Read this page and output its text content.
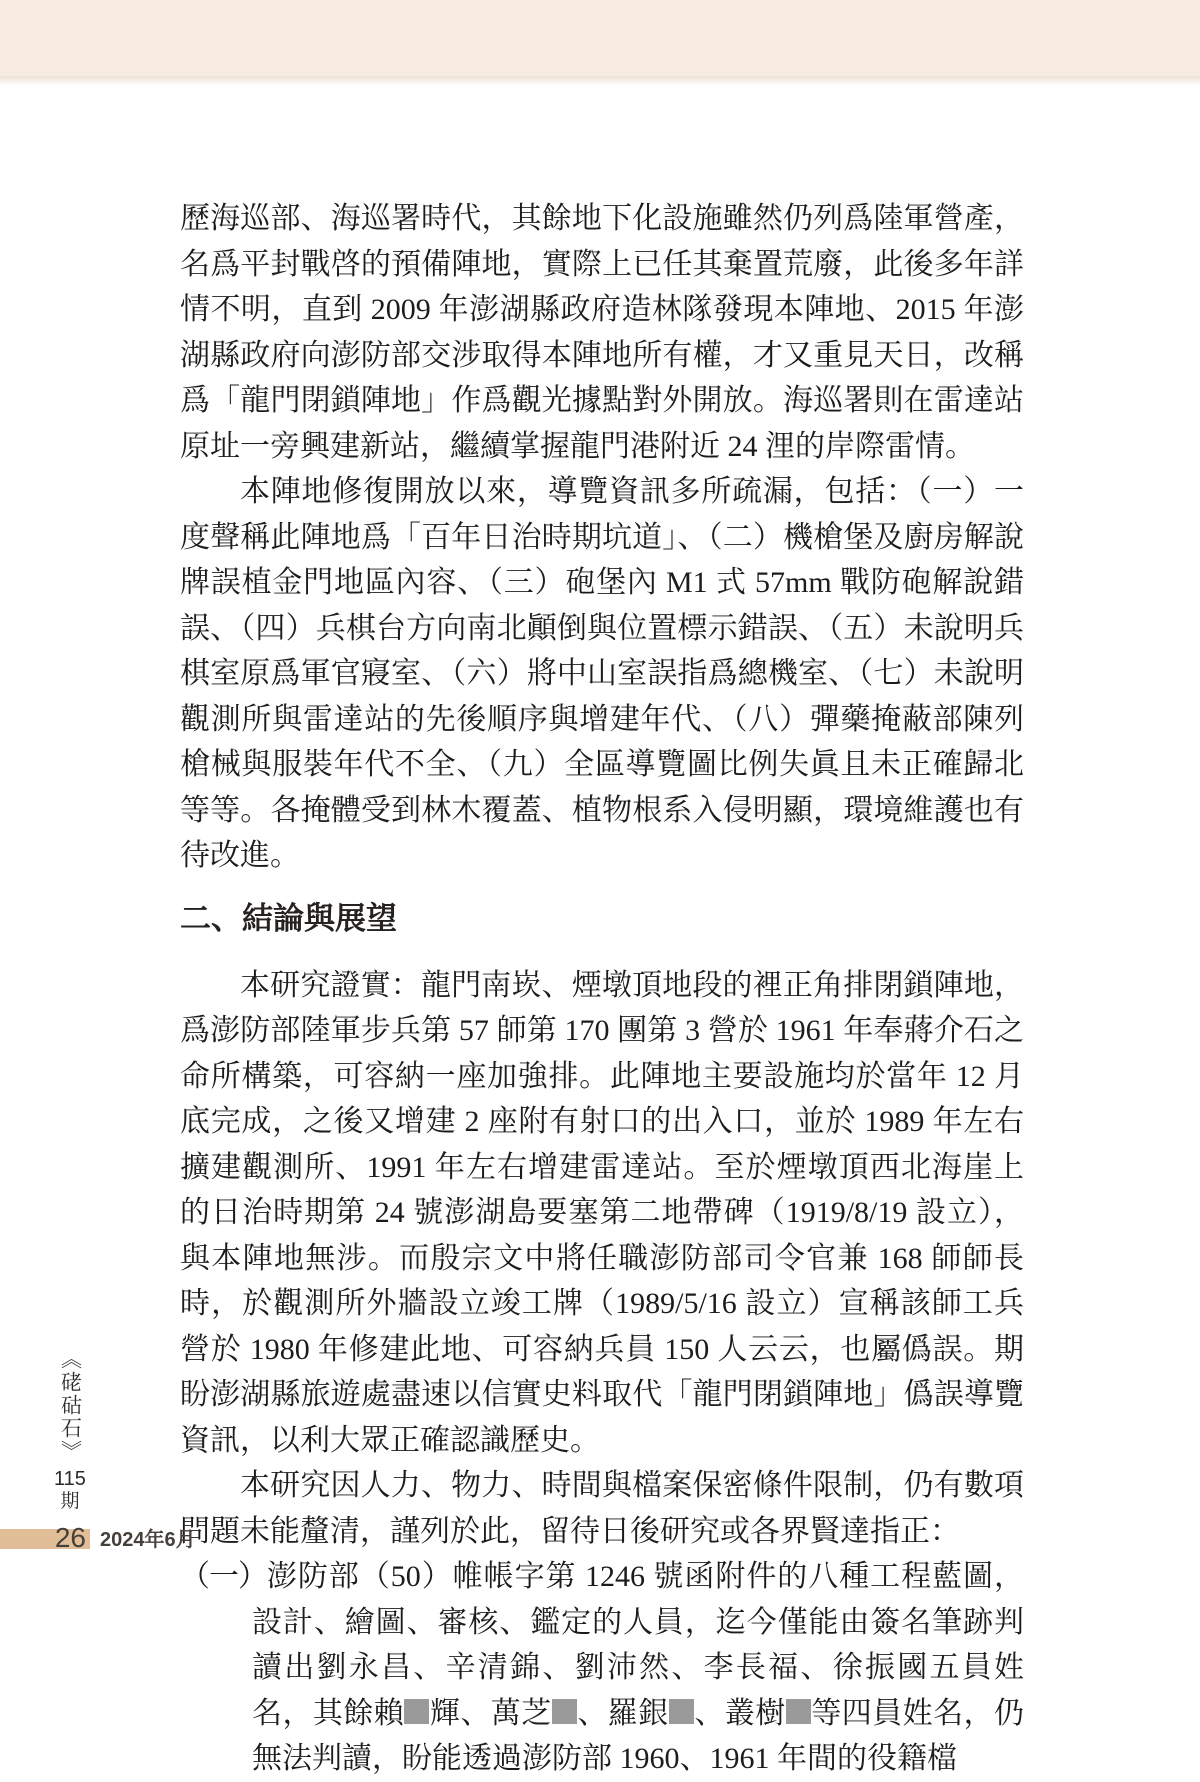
歷海巡部、海巡署時代，其餘地下化設施雖然仍列爲陸軍營產，名爲平封戰啓的預備陣地，實際上已任其棄置荒廢，此後多年詳情不明，直到 2009 年澎湖縣政府造林隊發現本陣地、2015 年澎湖縣政府向澎防部交涉取得本陣地所有權，才又重見天日，改稱爲「龍門閉鎖陣地」作爲觀光據點對外開放。海巡署則在雷達站原址一旁興建新站，繼續掌握龍門港附近 24 浬的岸際雷情。

本陣地修復開放以來，導覽資訊多所疏漏，包括：（一）一度聲稱此陣地爲「百年日治時期坑道」、（二）機槍堡及廚房解說牌誤植金門地區內容、（三）砲堡內 M1 式 57mm 戰防砲解說錯誤、（四）兵棋台方向南北顚倒與位置標示錯誤、（五）未說明兵棋室原爲軍官寢室、（六）將中山室誤指爲總機室、（七）未說明觀測所與雷達站的先後順序與增建年代、（八）彈藥掩蔽部陳列槍械與服裝年代不全、（九）全區導覽圖比例失眞且未正確歸北等等。各掩體受到林木覆蓋、植物根系入侵明顯，環境維護也有待改進。

二、結論與展望

本研究證實：龍門南崁、煙墩頂地段的裡正角排閉鎖陣地，爲澎防部陸軍步兵第 57 師第 170 團第 3 營於 1961 年奉蔣介石之命所構築，可容納一座加強排。此陣地主要設施均於當年 12 月底完成，之後又增建 2 座附有射口的出入口，並於 1989 年左右擴建觀測所、1991 年左右增建雷達站。至於煙墩頂西北海崖上的日治時期第 24 號澎湖島要塞第二地帶碑（1919/8/19 設立），與本陣地無涉。而殷宗文中將任職澎防部司令官兼 168 師師長時，於觀測所外牆設立竣工牌（1989/5/16 設立）宣稱該師工兵營於 1980 年修建此地、可容納兵員 150 人云云，也屬僞誤。期盼澎湖縣旅遊處盡速以信實史料取代「龍門閉鎖陣地」僞誤導覽資訊，以利大眾正確認識歷史。

本研究因人力、物力、時間與檔案保密條件限制，仍有數項問題未能釐清，謹列於此，留待日後研究或各界賢達指正：

（一）澎防部（50）帷帳字第 1246 號函附件的八種工程藍圖，設計、繪圖、審核、鑑定的人員，迄今僅能由簽名筆跡判讀出劉永昌、辛清錦、劉沛然、李長福、徐振國五員姓名，其餘賴 輝、萬芝 、羅銀 、叢樹 等四員姓名，仍無法判讀，盼能透過澎防部 1960、1961 年間的役籍檔
《硓𥑮石》
115
期
26 2024年6月
